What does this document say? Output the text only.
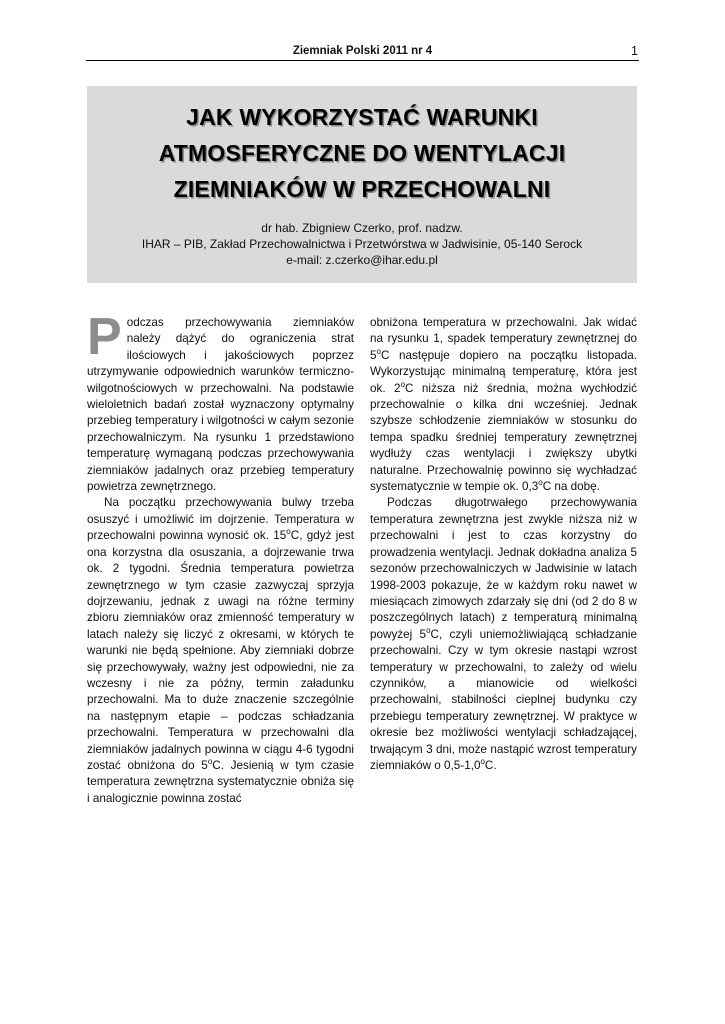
Ziemniak Polski 2011 nr 4	1
JAK WYKORZYSTAĆ WARUNKI
ATMOSFERYCZNE DO WENTYLACJI
ZIEMNIAKÓW W PRZECHOWALNI
dr hab. Zbigniew Czerko, prof. nadzw.
IHAR – PIB, Zakład Przechowalnictwa i Przetwórstwa w Jadwisinie, 05-140 Serock
e-mail: z.czerko@ihar.edu.pl

Podczas przechowywania ziemniaków należy dążyć do ograniczenia strat ilościowych i jakościowych poprzez utrzymywanie odpowiednich warunków termiczno-wilgotnościowych w przechowalni. Na podstawie wieloletnich badań został wyznaczony optymalny przebieg temperatury i wilgotności w całym sezonie przechowalniczym. Na rysunku 1 przedstawiono temperaturę wymaganą podczas przechowywania ziemniaków jadalnych oraz przebieg temperatury powietrza zewnętrznego.

Na początku przechowywania bulwy trzeba osuszyć i umożliwić im dojrzenie. Temperatura w przechowalni powinna wynosić ok. 15$^o$C, gdyż jest ona korzystna dla osuszania, a dojrzewanie trwa ok. 2 tygodni. Średnia temperatura powietrza zewnętrznego w tym czasie zazwyczaj sprzyja dojrzewaniu, jednak z uwagi na różne terminy zbioru ziemniaków oraz zmienność temperatury w latach należy się liczyć z okresami, w których te warunki nie będą spełnione. Aby ziemniaki dobrze się przechowywały, ważny jest odpowiedni, nie za wczesny i nie za późny, termin załadunku przechowalni. Ma to duże znaczenie szczególnie na następnym etapie – podczas schładzania przechowalni. Temperatura w przechowalni dla ziemniaków jadalnych powinna w ciągu 4-6 tygodni zostać obniżona do 5$^o$C. Jesienią w tym czasie temperatura zewnętrzna systematycznie obniża się i analogicznie powinna zostać

obniżona temperatura w przechowalni. Jak widać na rysunku 1, spadek temperatury zewnętrznej do 5$^o$C następuje dopiero na początku listopada. Wykorzystując minimalną temperaturę, która jest ok. 2$^o$C niższa niż średnia, można wychłodzić przechowalnie o kilka dni wcześniej. Jednak szybsze schłodzenie ziemniaków w stosunku do tempa spadku średniej temperatury zewnętrznej wydłuży czas wentylacji i zwiększy ubytki naturalne. Przechowalnię powinno się wychładzać systematycznie w tempie ok. 0,3$^o$C na dobę.

Podczas długotrwałego przechowywania temperatura zewnętrzna jest zwykle niższa niż w przechowalni i jest to czas korzystny do prowadzenia wentylacji. Jednak dokładna analiza 5 sezonów przechowalniczych w Jadwisinie w latach 1998-2003 pokazuje, że w każdym roku nawet w miesiącach zimowych zdarzały się dni (od 2 do 8 w poszczególnych latach) z temperaturą minimalną powyżej 5$^o$C, czyli uniemożliwiającą schładzanie przechowalni. Czy w tym okresie nastąpi wzrost temperatury w przechowalni, to zależy od wielu czynników, a mianowicie od wielkości przechowalni, stabilności cieplnej budynku czy przebiegu temperatury zewnętrznej. W praktyce w okresie bez możliwości wentylacji schładzającej, trwającym 3 dni, może nastąpić wzrost temperatury ziemniaków o 0,5-1,0$^o$C.
